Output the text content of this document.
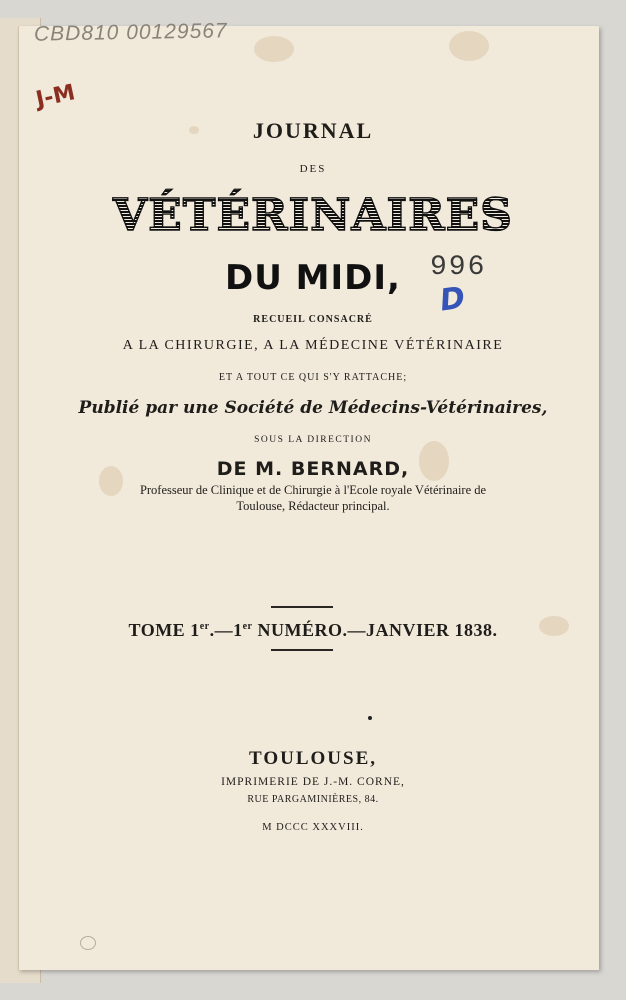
CBD810 00129567
J-M
996
D
JOURNAL
DES
VÉTÉRINAIRES
DU MIDI,
RECUEIL CONSACRÉ
A LA CHIRURGIE, A LA MÉDECINE VÉTÉRINAIRE
ET A TOUT CE QUI S'Y RATTACHE;
Publié par une Société de Médecins-Vétérinaires,
SOUS LA DIRECTION
DE M. BERNARD,
Professeur de Clinique et de Chirurgie à l'Ecole royale Vétérinaire de
Toulouse, Rédacteur principal.
TOME 1er.—1er NUMÉRO.—JANVIER 1838.
TOULOUSE,
IMPRIMERIE DE J.-M. CORNE,
RUE PARGAMINIÈRES, 84.
M DCCC XXXVIII.
